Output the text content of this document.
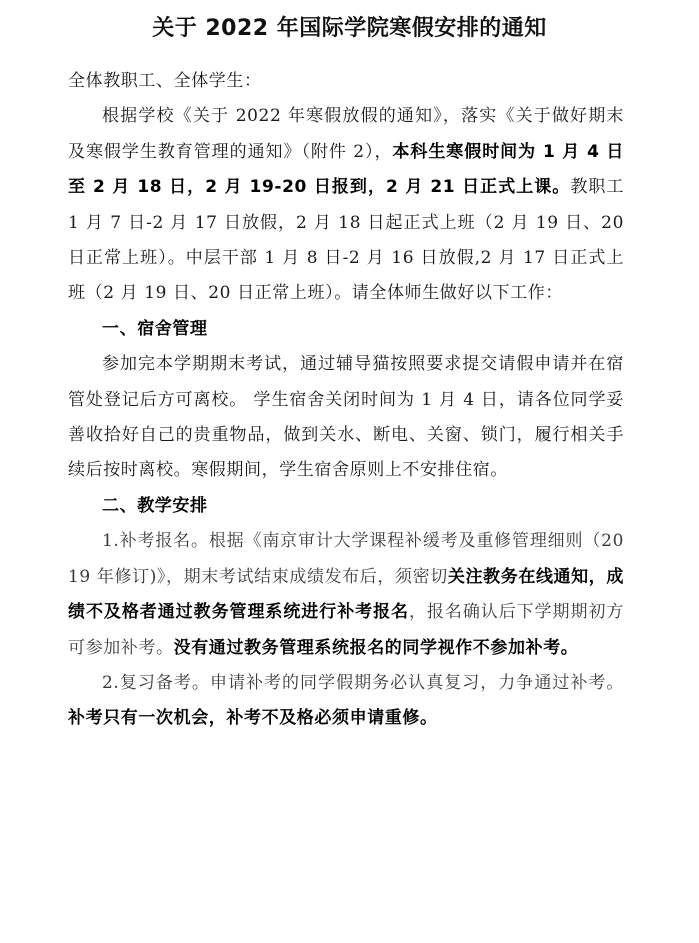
关于 2022 年国际学院寒假安排的通知

全体教职工、全体学生：

根据学校《关于 2022 年寒假放假的通知》，落实《关于做好期末及寒假学生教育管理的通知》（附件 2），本科生寒假时间为 1 月 4 日至 2 月 18 日，2 月 19-20 日报到，2 月 21 日正式上课。教职工 1 月 7 日-2 月 17 日放假，2 月 18 日起正式上班（2 月 19 日、20 日正常上班）。中层干部 1 月 8 日-2 月 16 日放假,2 月 17 日正式上班（2 月 19 日、20 日正常上班）。请全体师生做好以下工作：

一、宿舍管理

参加完本学期期末考试，通过辅导猫按照要求提交请假申请并在宿管处登记后方可离校。 学生宿舍关闭时间为 1 月 4 日，请各位同学妥善收拾好自己的贵重物品，做到关水、断电、关窗、锁门，履行相关手续后按时离校。寒假期间，学生宿舍原则上不安排住宿。

二、教学安排

1.补考报名。根据《南京审计大学课程补缓考及重修管理细则（2019 年修订)》，期末考试结束成绩发布后，须密切关注教务在线通知，成绩不及格者通过教务管理系统进行补考报名，报名确认后下学期期初方可参加补考。没有通过教务管理系统报名的同学视作不参加补考。

2.复习备考。申请补考的同学假期务必认真复习，力争通过补考。补考只有一次机会，补考不及格必须申请重修。
